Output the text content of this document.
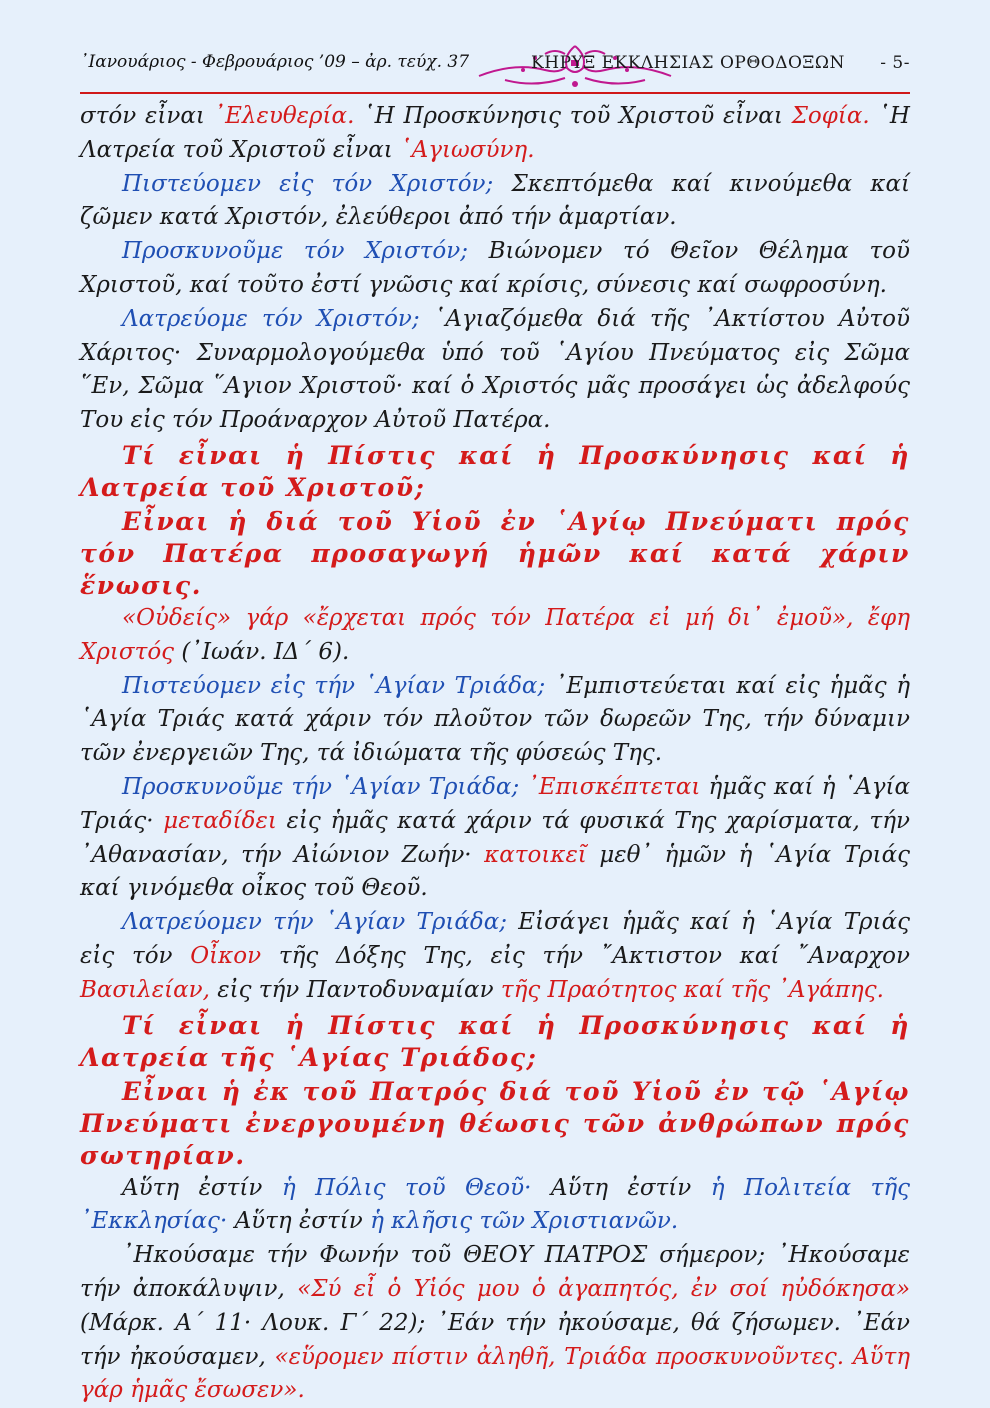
᾿Ιανουάριος - Φεβρουάριος ’09 – ἀρ. τεύχ. 37	ΚΗΡΥΞ ΕΚΚΛΗΣΙΑΣ ΟΡΘΟΔΟΞΩΝ - 5-

στόν εἶναι ᾿Ελευθερία. ῾Η Προσκύνησις τοῦ Χριστοῦ εἶναι Σοφία. ῾Η Λατρεία τοῦ Χριστοῦ εἶναι ῾Αγιωσύνη.

Πιστεύομεν εἰς τόν Χριστόν; Σκεπτόμεθα καί κινούμεθα καί ζῶμεν κατά Χριστόν, ἐλεύθεροι ἀπό τήν ἁμαρτίαν.

Προσκυνοῦμε τόν Χριστόν; Βιώνομεν τό Θεῖον Θέλημα τοῦ Χριστοῦ, καί τοῦτο ἐστί γνῶσις καί κρίσις, σύνεσις καί σωφροσύνη.

Λατρεύομε τόν Χριστόν; ῾Αγιαζόμεθα διά τῆς ᾿Ακτίστου Αὐτοῦ Χάριτος· Συναρμολογούμεθα ὑπό τοῦ ῾Αγίου Πνεύματος εἰς Σῶμα ῞Εν, Σῶμα ῞Αγιον Χριστοῦ· καί ὁ Χριστός μᾶς προσάγει ὡς ἀδελφούς Του εἰς τόν Προάναρχον Αὐτοῦ Πατέρα.

Τί εἶναι ἡ Πίστις καί ἡ Προσκύνησις καί ἡ Λατρεία τοῦ Χριστοῦ;
Εἶναι ἡ διά τοῦ Υἱοῦ ἐν ῾Αγίῳ Πνεύματι πρός τόν Πατέρα προσαγωγή ἡμῶν καί κατά χάριν ἕνωσις.

«Οὐδείς» γάρ «ἔρχεται πρός τόν Πατέρα εἰ μή δι᾿ ἐμοῦ», ἔφη Χριστός (᾿Ιωάν. ΙΔ´ 6).

Πιστεύομεν εἰς τήν ῾Αγίαν Τριάδα; ᾿Εμπιστεύεται καί εἰς ἡμᾶς ἡ ῾Αγία Τριάς κατά χάριν τόν πλοῦτον τῶν δωρεῶν Της, τήν δύναμιν τῶν ἐνεργειῶν Της, τά ἰδιώματα τῆς φύσεώς Της.

Προσκυνοῦμε τήν ῾Αγίαν Τριάδα; ᾿Επισκέπτεται ἡμᾶς καί ἡ ῾Αγία Τριάς· μεταδίδει εἰς ἡμᾶς κατά χάριν τά φυσικά Της χαρίσματα, τήν ᾿Αθανασίαν, τήν Αἰώνιον Ζωήν· κατοικεῖ μεθ᾿ ἡμῶν ἡ ῾Αγία Τριάς καί γινόμεθα οἶκος τοῦ Θεοῦ.

Λατρεύομεν τήν ῾Αγίαν Τριάδα; Εἰσάγει ἡμᾶς καί ἡ ῾Αγία Τριάς εἰς τόν Οἶκον τῆς Δόξης Της, εἰς τήν ῎Ακτιστον καί ῎Αναρχον Βασιλείαν, εἰς τήν Παντοδυναμίαν τῆς Πραότητος καί τῆς ᾿Αγάπης.

Τί εἶναι ἡ Πίστις καί ἡ Προσκύνησις καί ἡ Λατρεία τῆς ῾Αγίας Τριάδος;
Εἶναι ἡ ἐκ τοῦ Πατρός διά τοῦ Υἱοῦ ἐν τῷ ῾Αγίῳ Πνεύματι ἐνεργουμένη θέωσις τῶν ἀνθρώπων πρός σωτηρίαν.

Αὕτη ἐστίν ἡ Πόλις τοῦ Θεοῦ· Αὕτη ἐστίν ἡ Πολιτεία τῆς ᾿Εκκλησίας· Αὕτη ἐστίν ἡ κλῆσις τῶν Χριστιανῶν.

᾿Ηκούσαμε τήν Φωνήν τοῦ ΘΕΟΥ ΠΑΤΡΟΣ σήμερον; ᾿Ηκούσαμε τήν ἀποκάλυψιν, «Σύ εἶ ὁ Υἱός μου ὁ ἀγαπητός, ἐν σοί ηὐδόκησα» (Μάρκ. Α´ 11· Λουκ. Γ´ 22); ᾿Εάν τήν ἠκούσαμε, θά ζήσωμεν. ᾿Εάν τήν ἠκούσαμεν, «εὕρομεν πίστιν ἀληθῆ, Τριάδα προσκυνοῦντες. Αὕτη γάρ ἡμᾶς ἔσωσεν».
